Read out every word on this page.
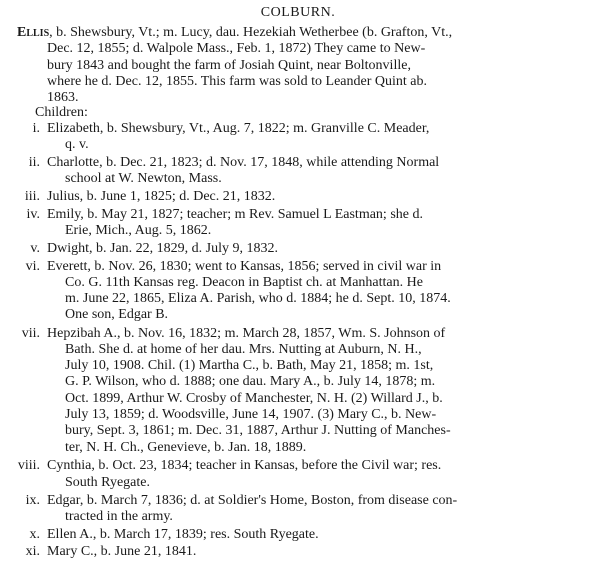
COLBURN.
Ellis, b. Shewsbury, Vt.; m. Lucy, dau. Hezekiah Wetherbee (b. Grafton, Vt.,
Dec. 12, 1855; d. Walpole Mass., Feb. 1, 1872) They came to New-
bury 1843 and bought the farm of Josiah Quint, near Boltonville,
where he d. Dec. 12, 1855. This farm was sold to Leander Quint ab.
1863.
Children:
i. Elizabeth, b. Shewsbury, Vt., Aug. 7, 1822; m. Granville C. Meader,
q. v.
ii. Charlotte, b. Dec. 21, 1823; d. Nov. 17, 1848, while attending Normal
school at W. Newton, Mass.
iii. Julius, b. June 1, 1825; d. Dec. 21, 1832.
iv. Emily, b. May 21, 1827; teacher; m Rev. Samuel L Eastman; she d.
Erie, Mich., Aug. 5, 1862.
v. Dwight, b. Jan. 22, 1829, d. July 9, 1832.
vi. Everett, b. Nov. 26, 1830; went to Kansas, 1856; served in civil war in
Co. G. 11th Kansas reg. Deacon in Baptist ch. at Manhattan. He
m. June 22, 1865, Eliza A. Parish, who d. 1884; he d. Sept. 10, 1874.
One son, Edgar B.
vii. Hepzibah A., b. Nov. 16, 1832; m. March 28, 1857, Wm. S. Johnson of
Bath. She d. at home of her dau. Mrs. Nutting at Auburn, N. H.,
July 10, 1908. Chil. (1) Martha C., b. Bath, May 21, 1858; m. 1st,
G. P. Wilson, who d. 1888; one dau. Mary A., b. July 14, 1878; m.
Oct. 1899, Arthur W. Crosby of Manchester, N. H. (2) Willard J., b.
July 13, 1859; d. Woodsville, June 14, 1907. (3) Mary C., b. New-
bury, Sept. 3, 1861; m. Dec. 31, 1887, Arthur J. Nutting of Manches-
ter, N. H. Ch., Genevieve, b. Jan. 18, 1889.
viii. Cynthia, b. Oct. 23, 1834; teacher in Kansas, before the Civil war; res.
South Ryegate.
ix. Edgar, b. March 7, 1836; d. at Soldier's Home, Boston, from disease con-
tracted in the army.
x. Ellen A., b. March 17, 1839; res. South Ryegate.
xi. Mary C., b. June 21, 1841.
